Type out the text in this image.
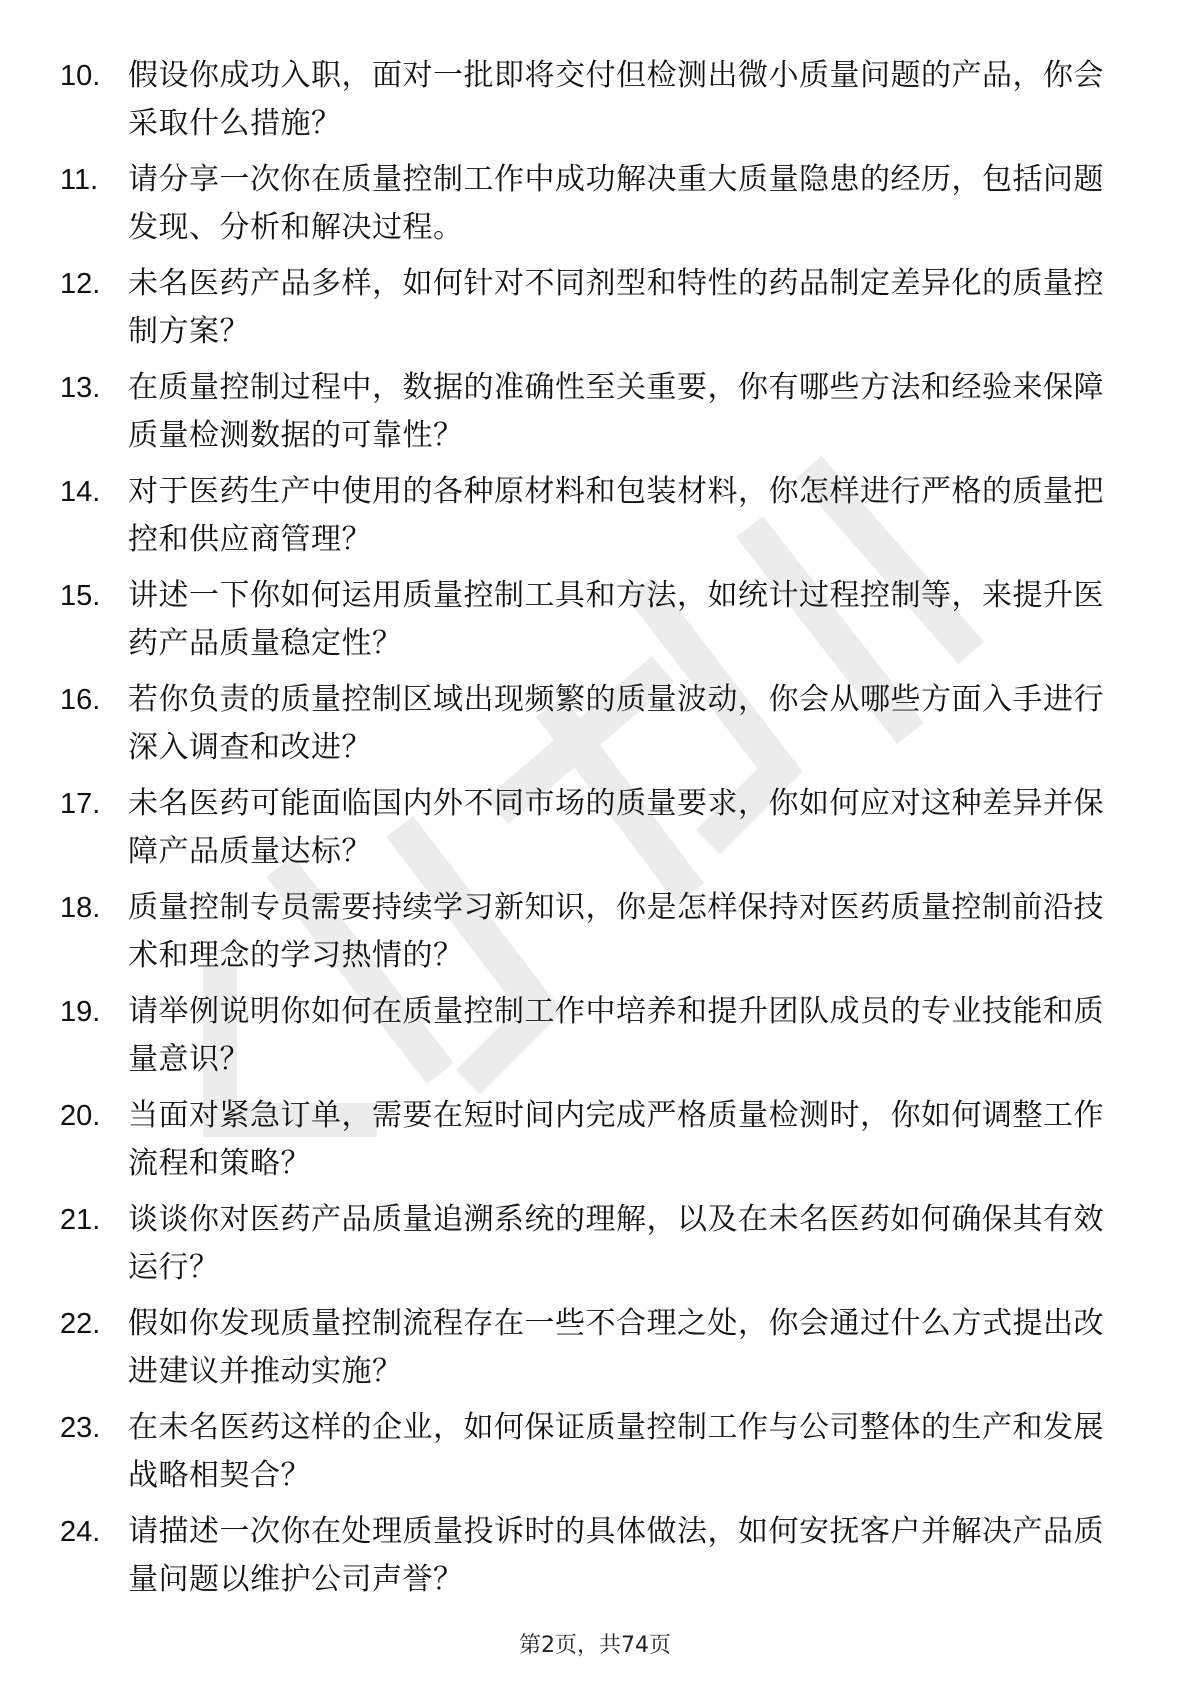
10. 假设你成功入职，面对一批即将交付但检测出微小质量问题的产品，你会采取什么措施？
11. 请分享一次你在质量控制工作中成功解决重大质量隐患的经历，包括问题发现、分析和解决过程。
12. 未名医药产品多样，如何针对不同剂型和特性的药品制定差异化的质量控制方案？
13. 在质量控制过程中，数据的准确性至关重要，你有哪些方法和经验来保障质量检测数据的可靠性？
14. 对于医药生产中使用的各种原材料和包装材料，你怎样进行严格的质量把控和供应商管理？
15. 讲述一下你如何运用质量控制工具和方法，如统计过程控制等，来提升医药产品质量稳定性？
16. 若你负责的质量控制区域出现频繁的质量波动，你会从哪些方面入手进行深入调查和改进？
17. 未名医药可能面临国内外不同市场的质量要求，你如何应对这种差异并保障产品质量达标？
18. 质量控制专员需要持续学习新知识，你是怎样保持对医药质量控制前沿技术和理念的学习热情的？
19. 请举例说明你如何在质量控制工作中培养和提升团队成员的专业技能和质量意识？
20. 当面对紧急订单，需要在短时间内完成严格质量检测时，你如何调整工作流程和策略？
21. 谈谈你对医药产品质量追溯系统的理解，以及在未名医药如何确保其有效运行？
22. 假如你发现质量控制流程存在一些不合理之处，你会通过什么方式提出改进建议并推动实施？
23. 在未名医药这样的企业，如何保证质量控制工作与公司整体的生产和发展战略相契合？
24. 请描述一次你在处理质量投诉时的具体做法，如何安抚客户并解决产品质量问题以维护公司声誉？
第2页，共74页
